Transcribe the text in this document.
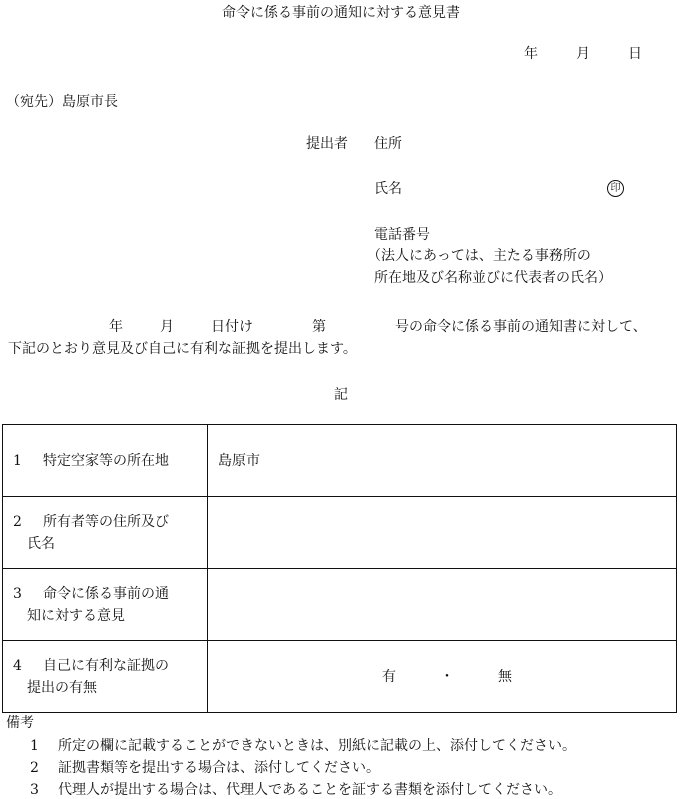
命令に係る事前の通知に対する意見書
年	月	日
（宛先）島原市長
提出者 住所
氏名	印
電話番号
（法人にあっては、主たる事務所の
所在地及び名称並びに代表者の氏名）
年	月	日付け	第	号の命令に係る事前の通知書に対して、
下記のとおり意見及び自己に有利な証拠を提出します。
記
1 特定空家等の所在地	島原市
2 所有者等の住所及び
氏名	

3 命令に係る事前の通
知に対する意見	

4 自己に有利な証拠の
提出の有無	有 ・ 無
備考
1 所定の欄に記載することができないときは、別紙に記載の上、添付してください。
2 証拠書類等を提出する場合は、添付してください。
3 代理人が提出する場合は、代理人であることを証する書類を添付してください。
